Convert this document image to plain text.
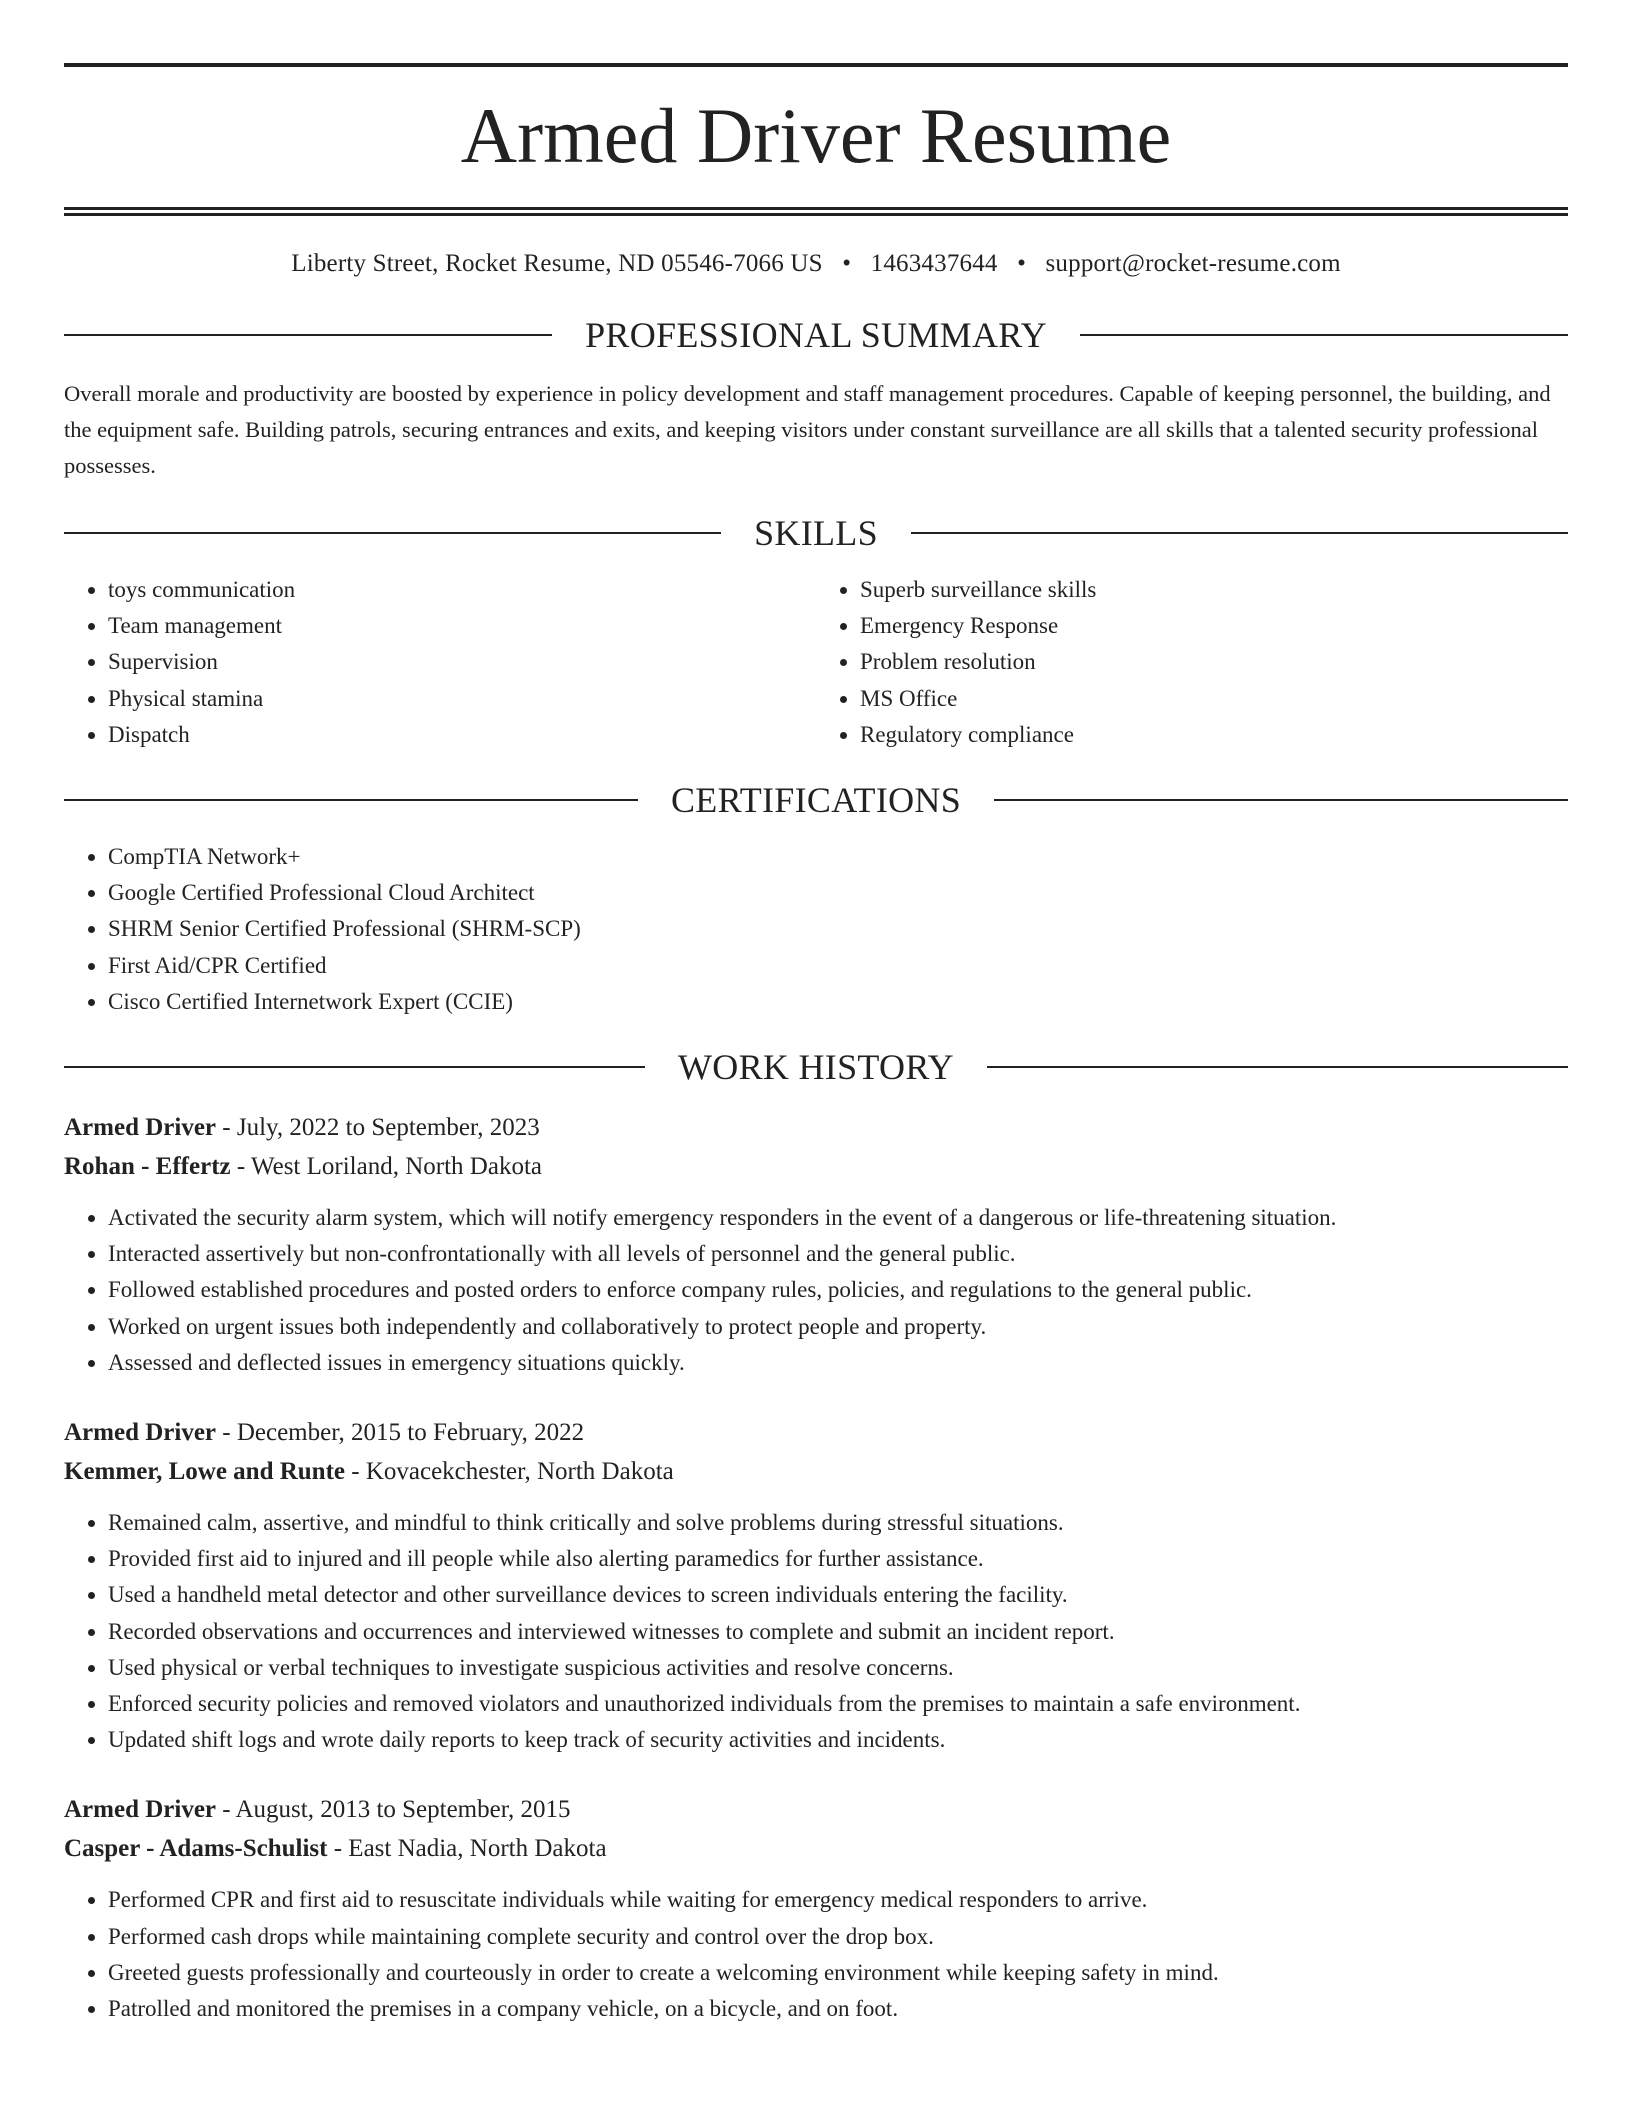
Armed Driver Resume
Liberty Street, Rocket Resume, ND 05546-7066 US • 1463437644 • support@rocket-resume.com
PROFESSIONAL SUMMARY

Overall morale and productivity are boosted by experience in policy development and staff management procedures. Capable of keeping personnel, the building, and the equipment safe. Building patrols, securing entrances and exits, and keeping visitors under constant surveillance are all skills that a talented security professional possesses.

SKILLS
• toys communication
• Team management
• Supervision
• Physical stamina
• Dispatch
• Superb surveillance skills
• Emergency Response
• Problem resolution
• MS Office
• Regulatory compliance
CERTIFICATIONS
• CompTIA Network+
• Google Certified Professional Cloud Architect
• SHRM Senior Certified Professional (SHRM-SCP)
• First Aid/CPR Certified
• Cisco Certified Internetwork Expert (CCIE)
WORK HISTORY
Armed Driver - July, 2022 to September, 2023
Rohan - Effertz - West Loriland, North Dakota
• Activated the security alarm system, which will notify emergency responders in the event of a dangerous or life-threatening situation.
• Interacted assertively but non-confrontationally with all levels of personnel and the general public.
• Followed established procedures and posted orders to enforce company rules, policies, and regulations to the general public.
• Worked on urgent issues both independently and collaboratively to protect people and property.
• Assessed and deflected issues in emergency situations quickly.
Armed Driver - December, 2015 to February, 2022
Kemmer, Lowe and Runte - Kovacekchester, North Dakota
• Remained calm, assertive, and mindful to think critically and solve problems during stressful situations.
• Provided first aid to injured and ill people while also alerting paramedics for further assistance.
• Used a handheld metal detector and other surveillance devices to screen individuals entering the facility.
• Recorded observations and occurrences and interviewed witnesses to complete and submit an incident report.
• Used physical or verbal techniques to investigate suspicious activities and resolve concerns.
• Enforced security policies and removed violators and unauthorized individuals from the premises to maintain a safe environment.
• Updated shift logs and wrote daily reports to keep track of security activities and incidents.
Armed Driver - August, 2013 to September, 2015
Casper - Adams-Schulist - East Nadia, North Dakota
• Performed CPR and first aid to resuscitate individuals while waiting for emergency medical responders to arrive.
• Performed cash drops while maintaining complete security and control over the drop box.
• Greeted guests professionally and courteously in order to create a welcoming environment while keeping safety in mind.
• Patrolled and monitored the premises in a company vehicle, on a bicycle, and on foot.
